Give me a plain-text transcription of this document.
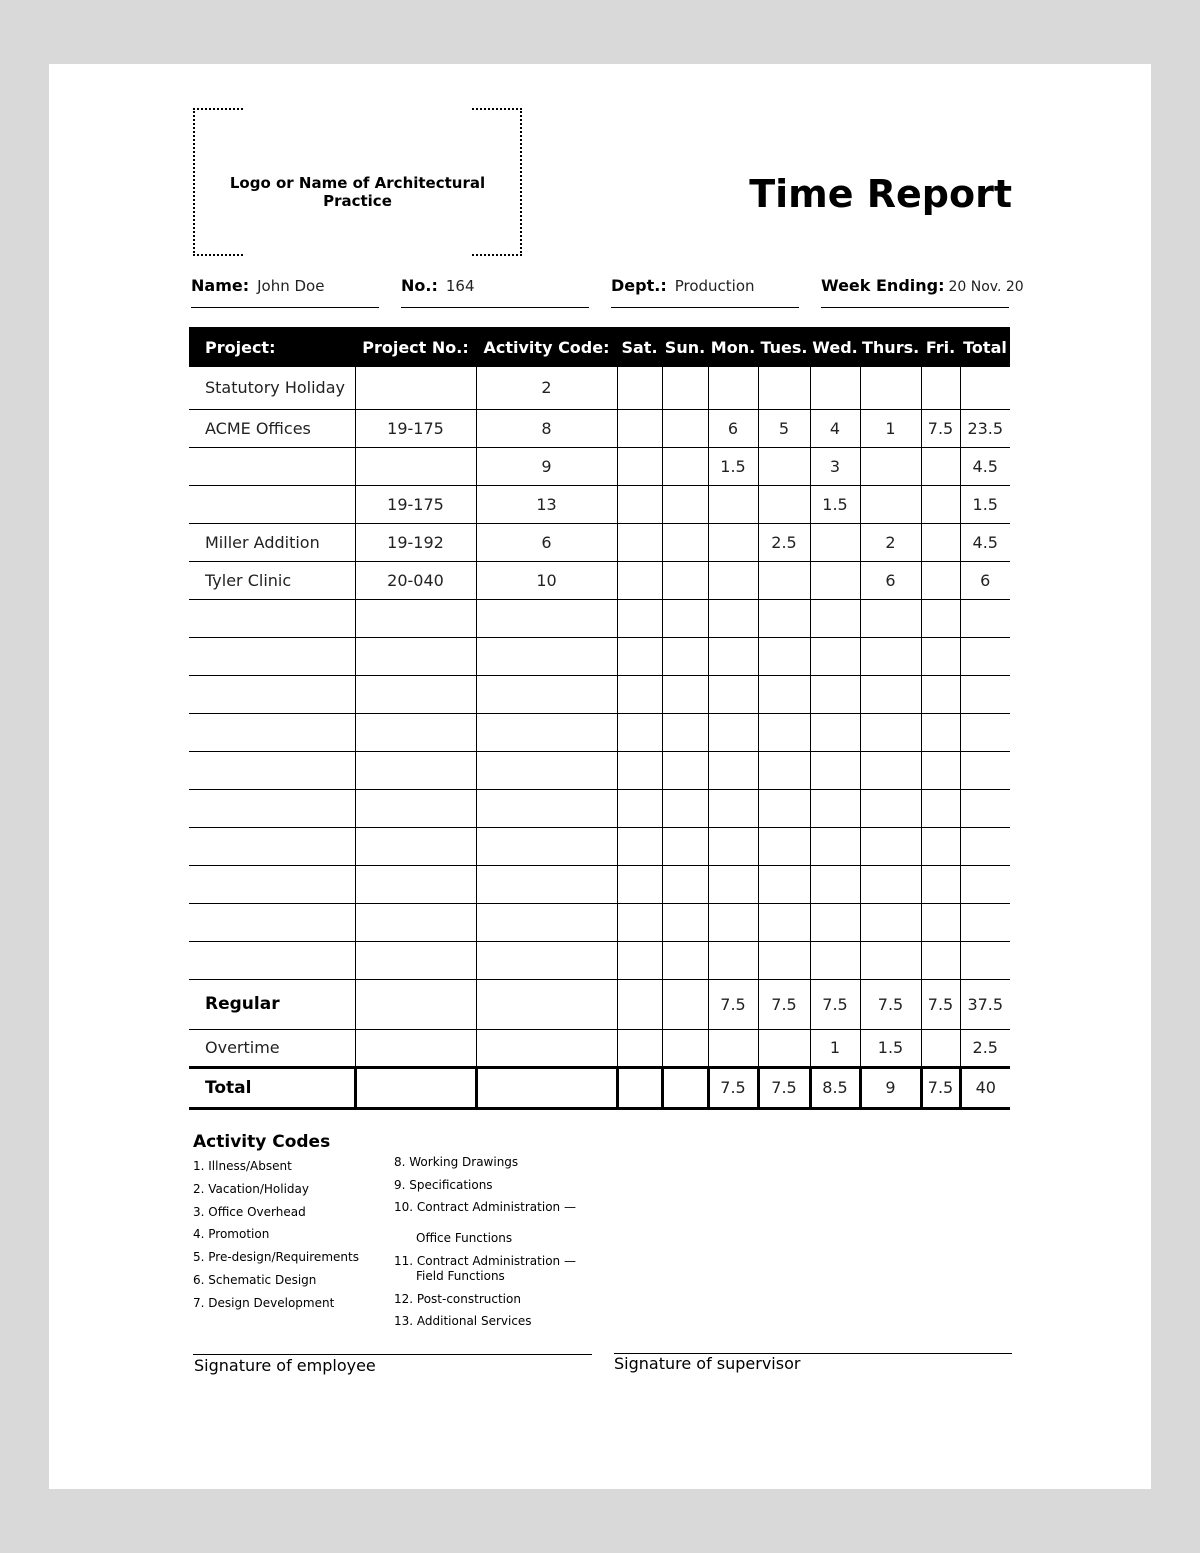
Logo or Name of Architectural Practice	Time Report
Name: John Doe	No.: 164	Dept.: Production	Week Ending: 20 Nov. 20
Project:	Project No.:	Activity Code:	Sat.	Sun.	Mon.	Tues.	Wed.	Thurs.	Fri.	Total
Statutory Holiday		2								
ACME Offices	19-175	8			6	5	4	1	7.5	23.5
		9			1.5		3			4.5
	19-175	13					1.5			1.5
Miller Addition	19-192	6				2.5		2		4.5
Tyler Clinic	20-040	10						6		6

Regular					7.5	7.5	7.5	7.5	7.5	37.5
Overtime							1	1.5		2.5
Total					7.5	7.5	8.5	9	7.5	40
Activity Codes
1. Illness/Absent
2. Vacation/Holiday
3. Office Overhead
4. Promotion
5. Pre-design/Requirements
6. Schematic Design
7. Design Development
8. Working Drawings
9. Specifications
10. Contract Administration —
Office Functions
11. Contract Administration —
Field Functions
12. Post-construction
13. Additional Services
Signature of employee	Signature of supervisor
